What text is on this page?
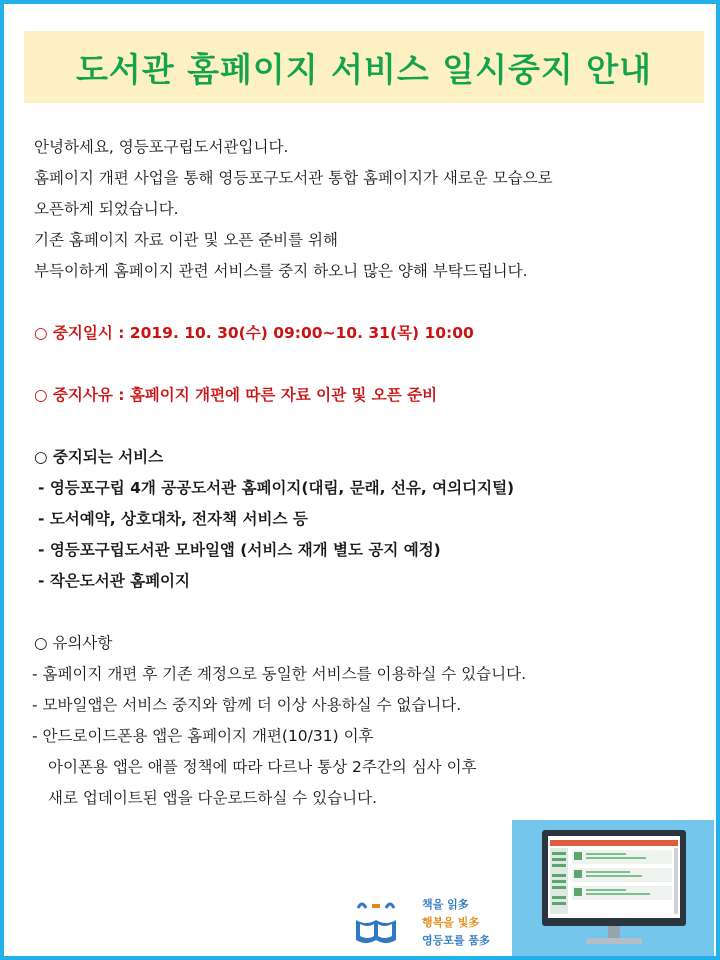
도서관 홈페이지 서비스 일시중지 안내
안녕하세요, 영등포구립도서관입니다.
홈페이지 개편 사업을 통해 영등포구도서관 통합 홈페이지가 새로운 모습으로
오픈하게 되었습니다.
기존 홈페이지 자료 이관 및 오픈 준비를 위해
부득이하게 홈페이지 관련 서비스를 중지 하오니 많은 양해 부탁드립니다.
○ 중지일시 : 2019. 10. 30(수) 09:00~10. 31(목) 10:00
○ 중지사유 : 홈페이지 개편에 따른 자료 이관 및 오픈 준비
○ 중지되는 서비스
- 영등포구립 4개 공공도서관 홈페이지(대림, 문래, 선유, 여의디지털)
- 도서예약, 상호대차, 전자책 서비스 등
- 영등포구립도서관 모바일앱 (서비스 재개 별도 공지 예정)
- 작은도서관 홈페이지
○ 유의사항
- 홈페이지 개편 후 기존 계정으로 동일한 서비스를 이용하실 수 있습니다.
- 모바일앱은 서비스 중지와 함께 더 이상 사용하실 수 없습니다.
- 안드로이드폰용 앱은 홈페이지 개편(10/31) 이후
아이폰용 앱은 애플 정책에 따라 다르나 통상 2주간의 심사 이후
새로 업데이트된 앱을 다운로드하실 수 있습니다.
책을 읽多
행복을 빛多
영등포를 품多
